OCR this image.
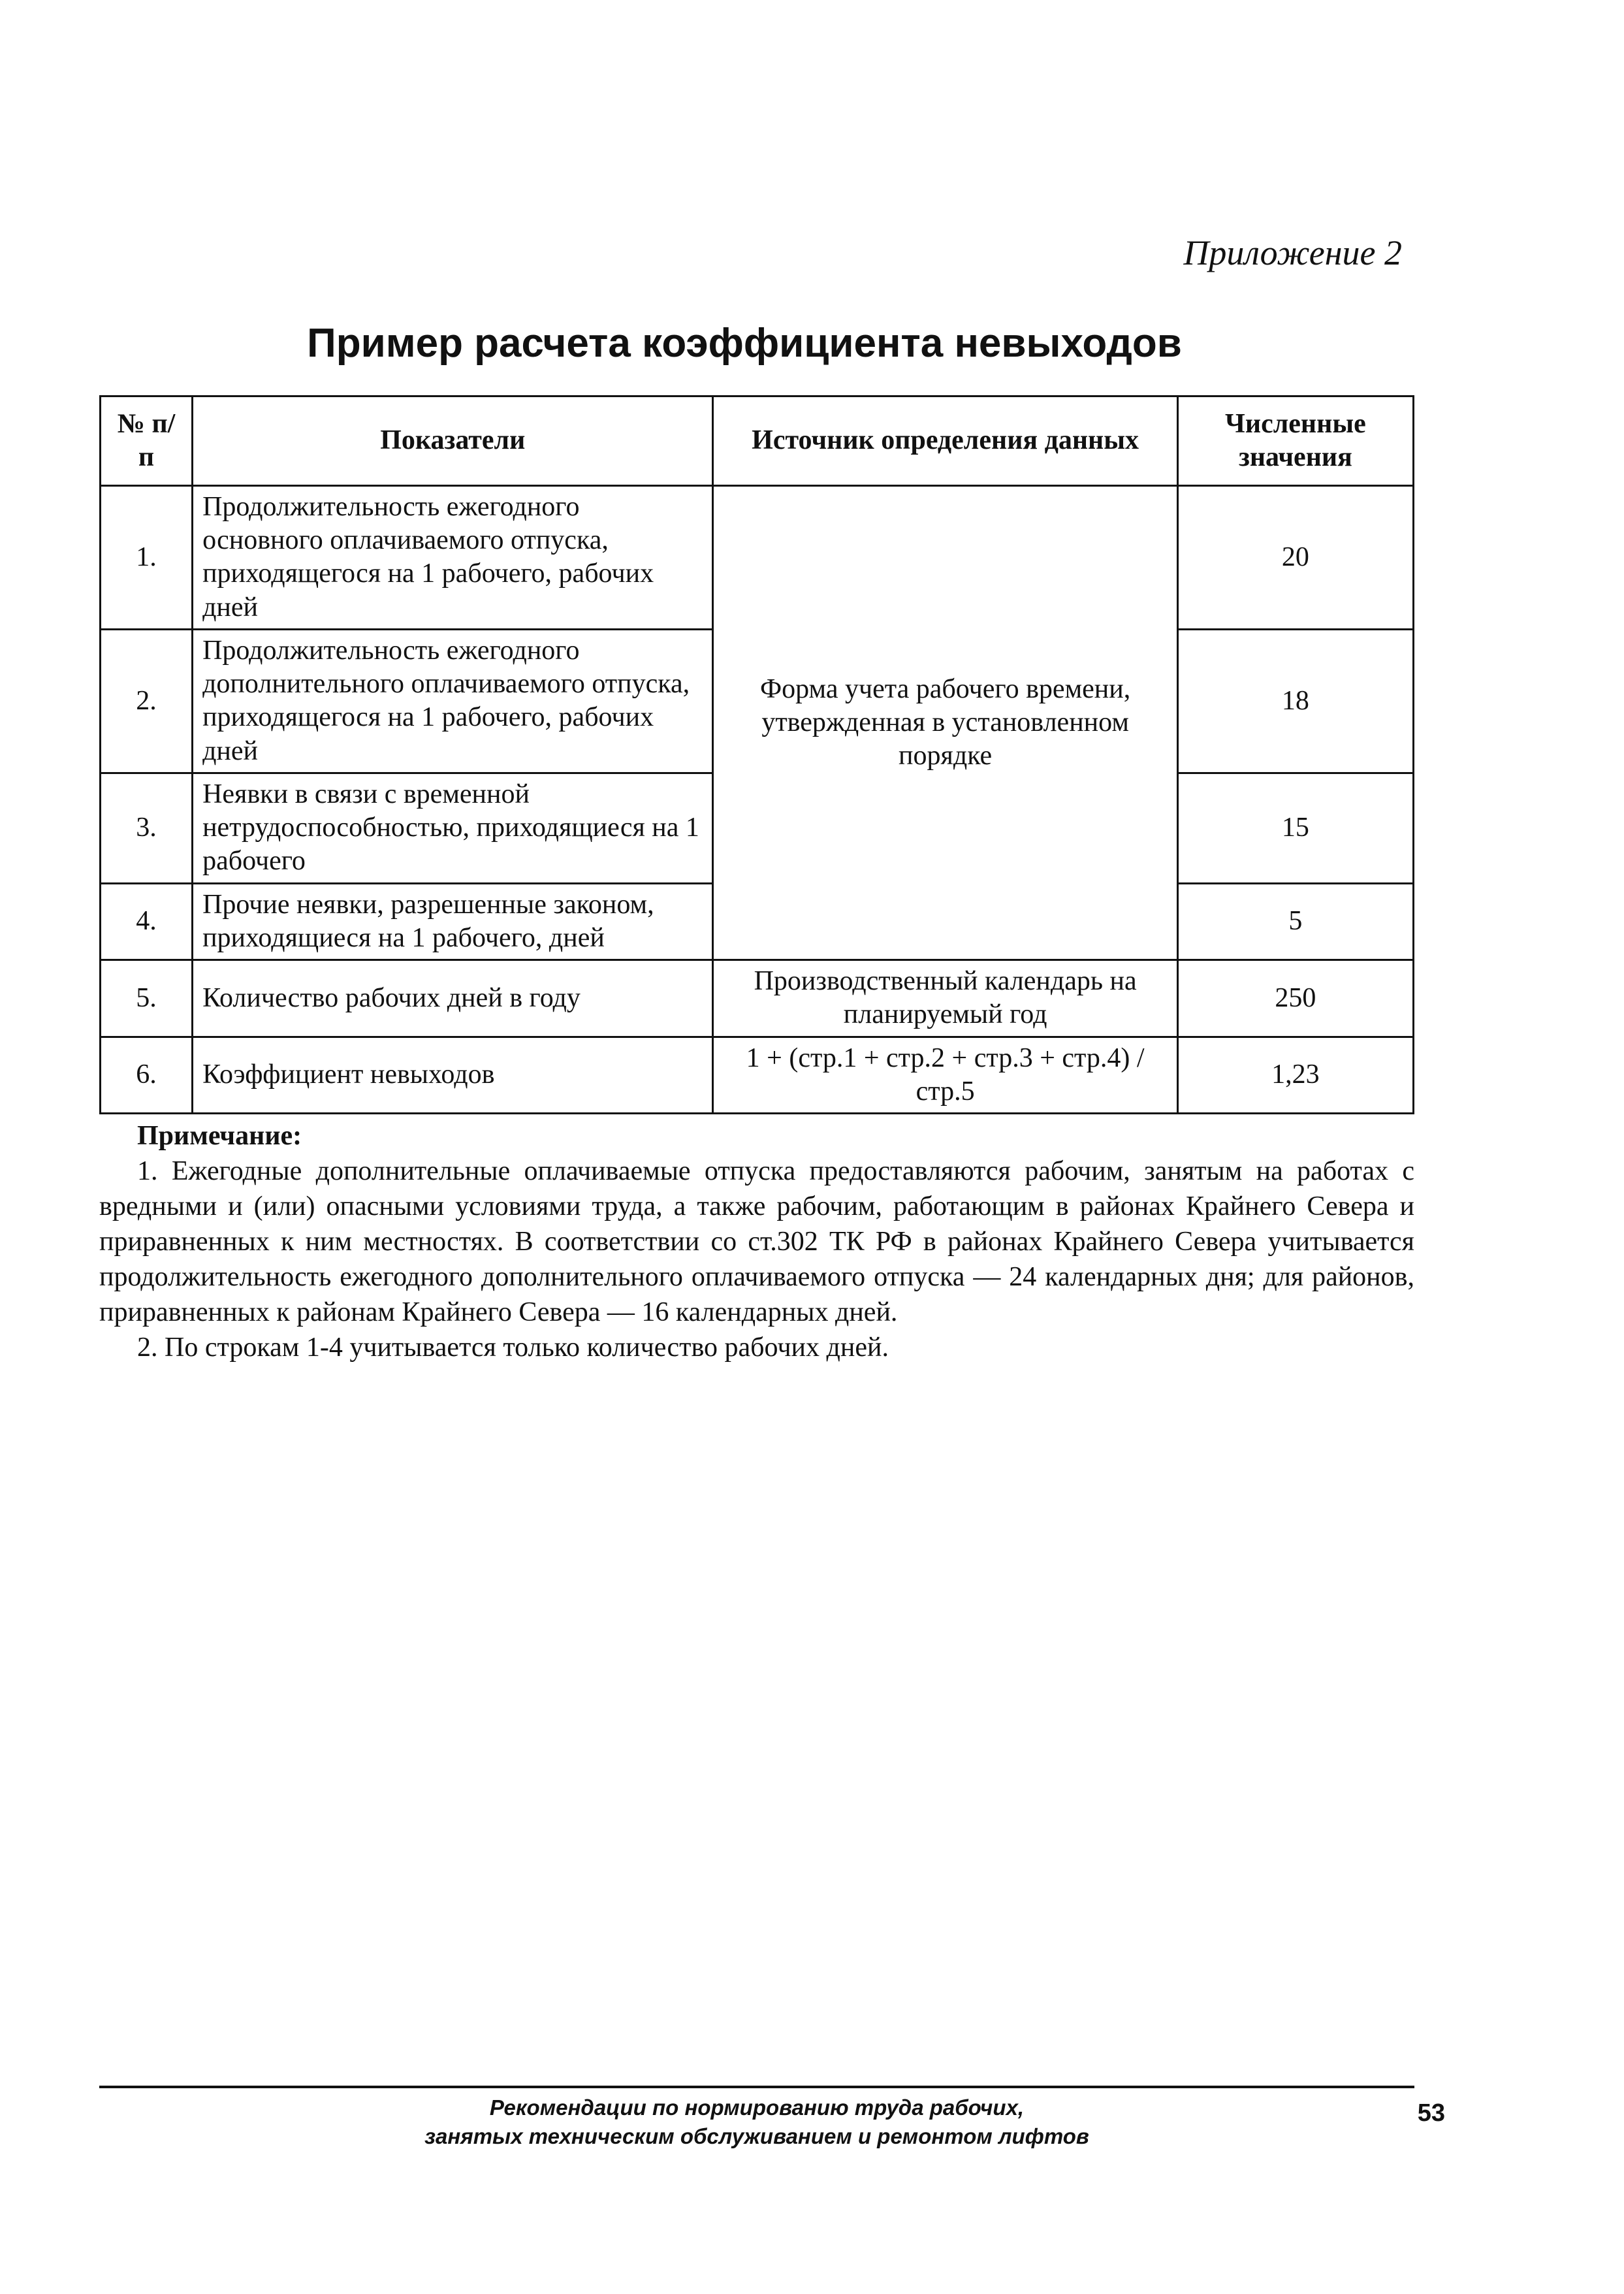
Приложение 2
Пример расчета коэффициента невыходов
№ п/п	Показатели	Источник определения данных	Численные значения
1.	Продолжительность ежегодного основного оплачиваемого отпуска, приходящегося на 1 рабочего, рабочих дней	Форма учета рабочего времени, утвержденная в установленном порядке	20
2.	Продолжительность ежегодного дополнительного оплачиваемого отпуска, приходящегося на 1 рабочего, рабочих дней		18
3.	Неявки в связи с временной нетрудоспособностью, приходящиеся на 1 рабочего		15
4.	Прочие неявки, разрешенные законом, приходящиеся на 1 рабочего, дней		5
5.	Количество рабочих дней в году	Производственный календарь на планируемый год	250
6.	Коэффициент невыходов	1 + (стр.1 + стр.2 + стр.3 + стр.4) / стр.5	1,23
Примечание:

1. Ежегодные дополнительные оплачиваемые отпуска предоставляются рабочим, занятым на работах с вредными и (или) опасными условиями труда, а также рабочим, работающим в районах Крайнего Севера и приравненных к ним местностях. В соответствии со ст.302 ТК РФ в районах Крайнего Севера учитывается продолжительность ежегодного дополнительного оплачиваемого отпуска — 24 календарных дня; для районов, приравненных к районам Крайнего Севера — 16 календарных дней.

2. По строкам 1-4 учитывается только количество рабочих дней.

Рекомендации по нормированию труда рабочих,
занятых техническим обслуживанием и ремонтом лифтов
53
